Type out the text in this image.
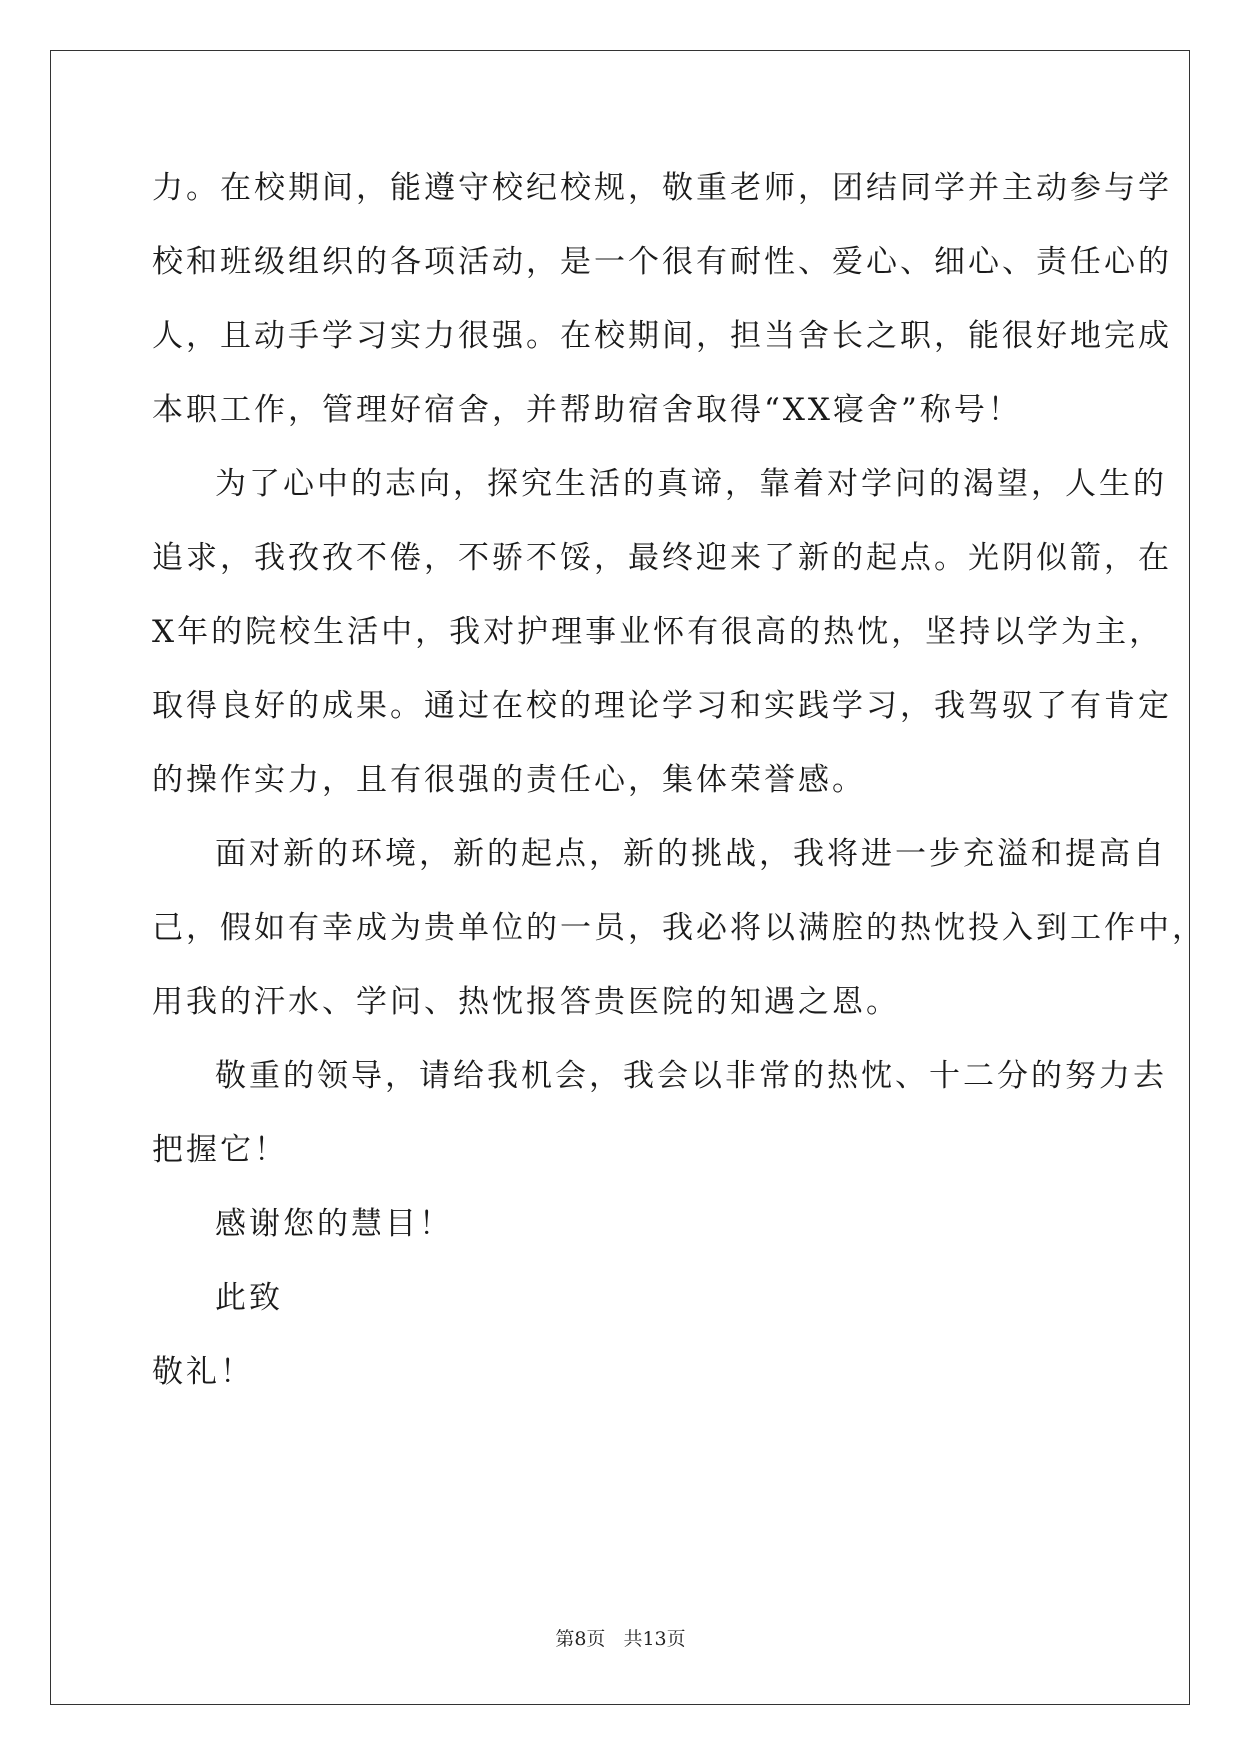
力。在校期间，能遵守校纪校规，敬重老师，团结同学并主动参与学
校和班级组织的各项活动，是一个很有耐性、爱心、细心、责任心的
人，且动手学习实力很强。在校期间，担当舍长之职，能很好地完成
本职工作，管理好宿舍，并帮助宿舍取得“XX寝舍”称号！
为了心中的志向，探究生活的真谛，靠着对学问的渴望，人生的
追求，我孜孜不倦，不骄不馁，最终迎来了新的起点。光阴似箭，在
X年的院校生活中，我对护理事业怀有很高的热忱，坚持以学为主，
取得良好的成果。通过在校的理论学习和实践学习，我驾驭了有肯定
的操作实力，且有很强的责任心，集体荣誉感。
面对新的环境，新的起点，新的挑战，我将进一步充溢和提高自
己，假如有幸成为贵单位的一员，我必将以满腔的热忱投入到工作中，
用我的汗水、学问、热忱报答贵医院的知遇之恩。
敬重的领导，请给我机会，我会以非常的热忱、十二分的努力去
把握它！
感谢您的慧目！
此致
敬礼！
第8页 共13页
